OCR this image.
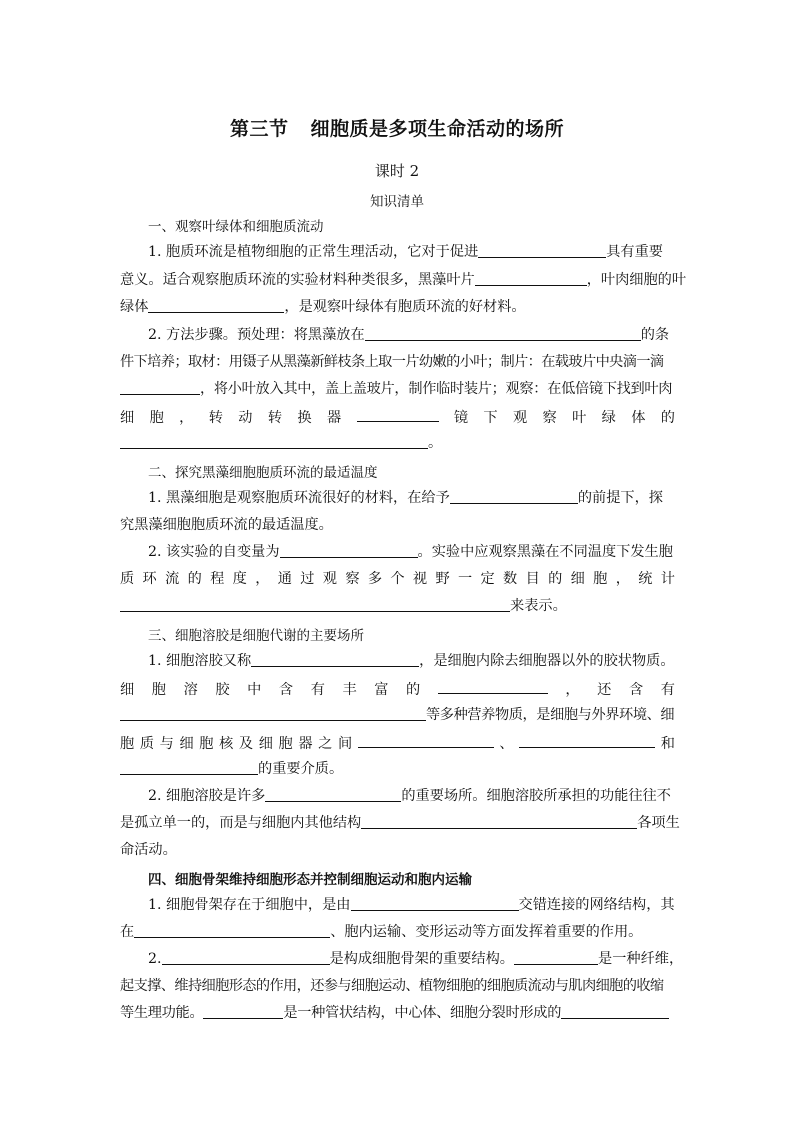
第三节 细胞质是多项生命活动的场所
课时 2
知识清单
一、观察叶绿体和细胞质流动
1. 胞质环流是植物细胞的正常生理活动，它对于促进	具有重要
意义。适合观察胞质环流的实验材料种类很多，黑藻叶片	，叶肉细胞的叶
绿体	，是观察叶绿体有胞质环流的好材料。
2. 方法步骤。预处理：将黑藻放在	的条
件下培养；取材：用镊子从黑藻新鲜枝条上取一片幼嫩的小叶；制片：在载玻片中央滴一滴
，将小叶放入其中，盖上盖玻片，制作临时装片；观察：在低倍镜下找到叶肉
细 胞 ， 转 动 转 换 器	镜 下 观 察 叶 绿 体 的
。
二、探究黑藻细胞胞质环流的最适温度
1. 黑藻细胞是观察胞质环流很好的材料，在给予	的前提下，探
究黑藻细胞胞质环流的最适温度。
2. 该实验的自变量为	。实验中应观察黑藻在不同温度下发生胞
质 环 流 的 程 度 ， 通 过 观 察 多 个 视 野 一 定 数 目 的 细 胞 ， 统 计
来表示。
三、细胞溶胶是细胞代谢的主要场所
1. 细胞溶胶又称	，是细胞内除去细胞器以外的胶状物质。
细 胞 溶 胶 中 含 有 丰 富 的	， 还 含 有
等多种营养物质，是细胞与外界环境、细
胞 质 与 细 胞 核 及 细 胞 器 之 间	、	和
的重要介质。
2. 细胞溶胶是许多	的重要场所。细胞溶胶所承担的功能往往不
是孤立单一的，而是与细胞内其他结构	各项生
命活动。
四、细胞骨架维持细胞形态并控制细胞运动和胞内运输
1. 细胞骨架存在于细胞中，是由	交错连接的网络结构，其
在	、胞内运输、变形运动等方面发挥着重要的作用。
2.	是构成细胞骨架的重要结构。	是一种纤维，
起支撑、维持细胞形态的作用，还参与细胞运动、植物细胞的细胞质流动与肌肉细胞的收缩
等生理功能。	是一种管状结构，中心体、细胞分裂时形成的
